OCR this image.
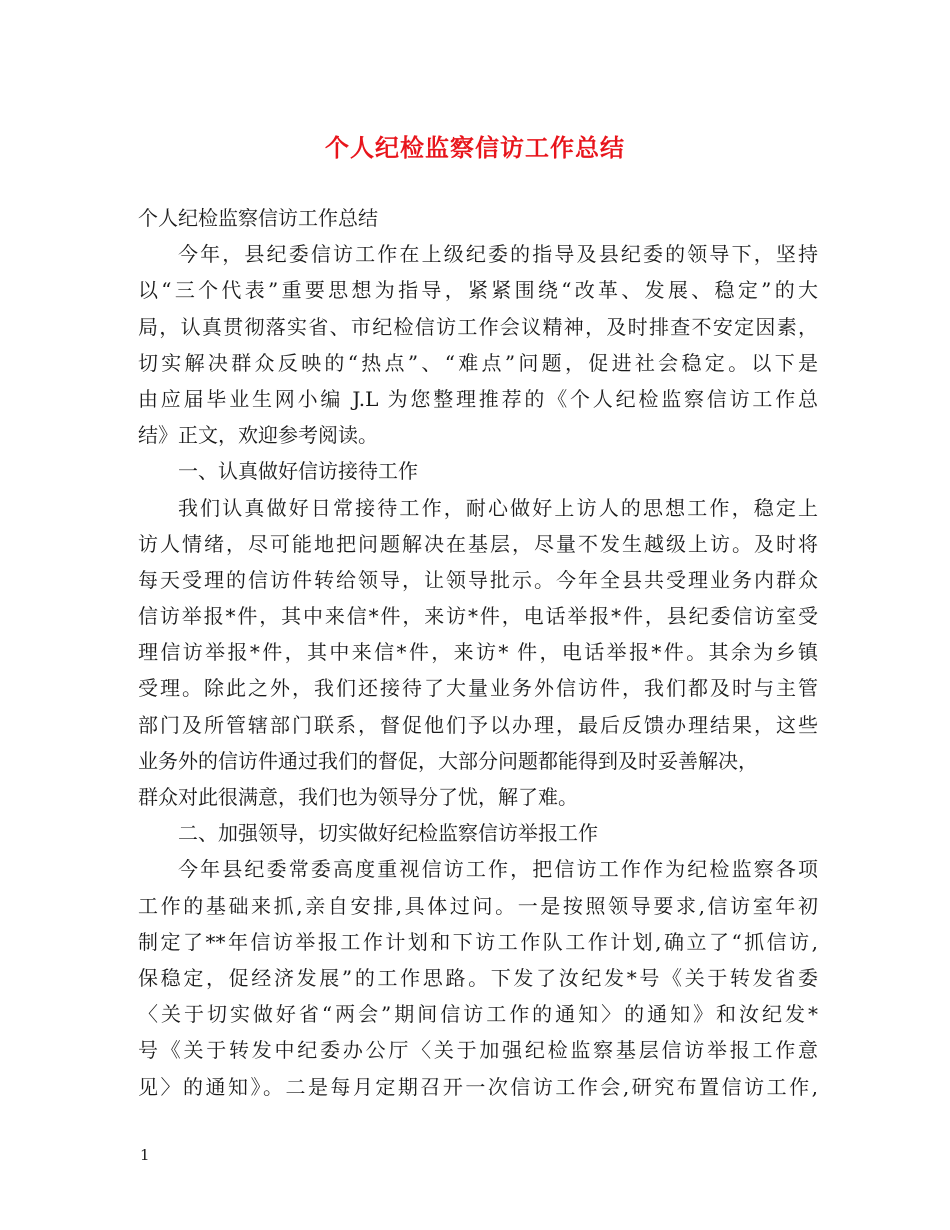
个人纪检监察信访工作总结

个人纪检监察信访工作总结

今年，县纪委信访工作在上级纪委的指导及县纪委的领导下，坚持

以“三个代表”重要思想为指导，紧紧围绕“改革、发展、稳定”的大

局，认真贯彻落实省、市纪检信访工作会议精神，及时排查不安定因素，

切实解决群众反映的“热点”、“难点”问题，促进社会稳定。以下是

由应届毕业生网小编 J.L 为您整理推荐的《个人纪检监察信访工作总

结》正文，欢迎参考阅读。

一、认真做好信访接待工作

我们认真做好日常接待工作，耐心做好上访人的思想工作，稳定上

访人情绪，尽可能地把问题解决在基层，尽量不发生越级上访。及时将

每天受理的信访件转给领导，让领导批示。今年全县共受理业务内群众

信访举报*件，其中来信*件，来访*件，电话举报*件，县纪委信访室受

理信访举报*件，其中来信*件，来访* 件，电话举报*件。其余为乡镇

受理。除此之外，我们还接待了大量业务外信访件，我们都及时与主管

部门及所管辖部门联系，督促他们予以办理，最后反馈办理结果，这些

业务外的信访件通过我们的督促，大部分问题都能得到及时妥善解决，

群众对此很满意，我们也为领导分了忧，解了难。

二、加强领导，切实做好纪检监察信访举报工作

今年县纪委常委高度重视信访工作，把信访工作作为纪检监察各项

工作的基础来抓,亲自安排,具体过问。一是按照领导要求,信访室年初

制定了**年信访举报工作计划和下访工作队工作计划,确立了“抓信访,

保稳定，促经济发展”的工作思路。下发了汝纪发*号《关于转发省委

〈关于切实做好省“两会”期间信访工作的通知〉的通知》和汝纪发*

号《关于转发中纪委办公厅〈关于加强纪检监察基层信访举报工作意

见〉的通知》。二是每月定期召开一次信访工作会,研究布置信访工作,

1
